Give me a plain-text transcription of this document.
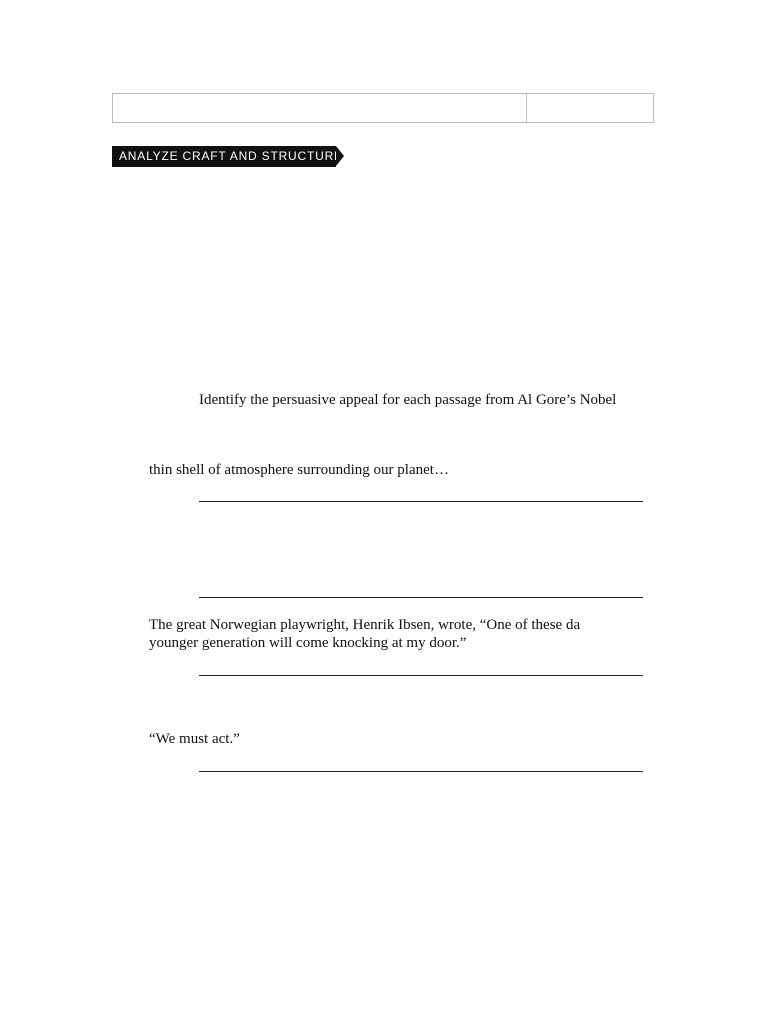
ANALYZE CRAFT AND STRUCTURE
Identify the persuasive appeal for each passage from Al Gore’s Nobel
thin shell of atmosphere surrounding our planet…
The great Norwegian playwright, Henrik Ibsen, wrote, “One of these da
younger generation will come knocking at my door.”
“We must act.”
